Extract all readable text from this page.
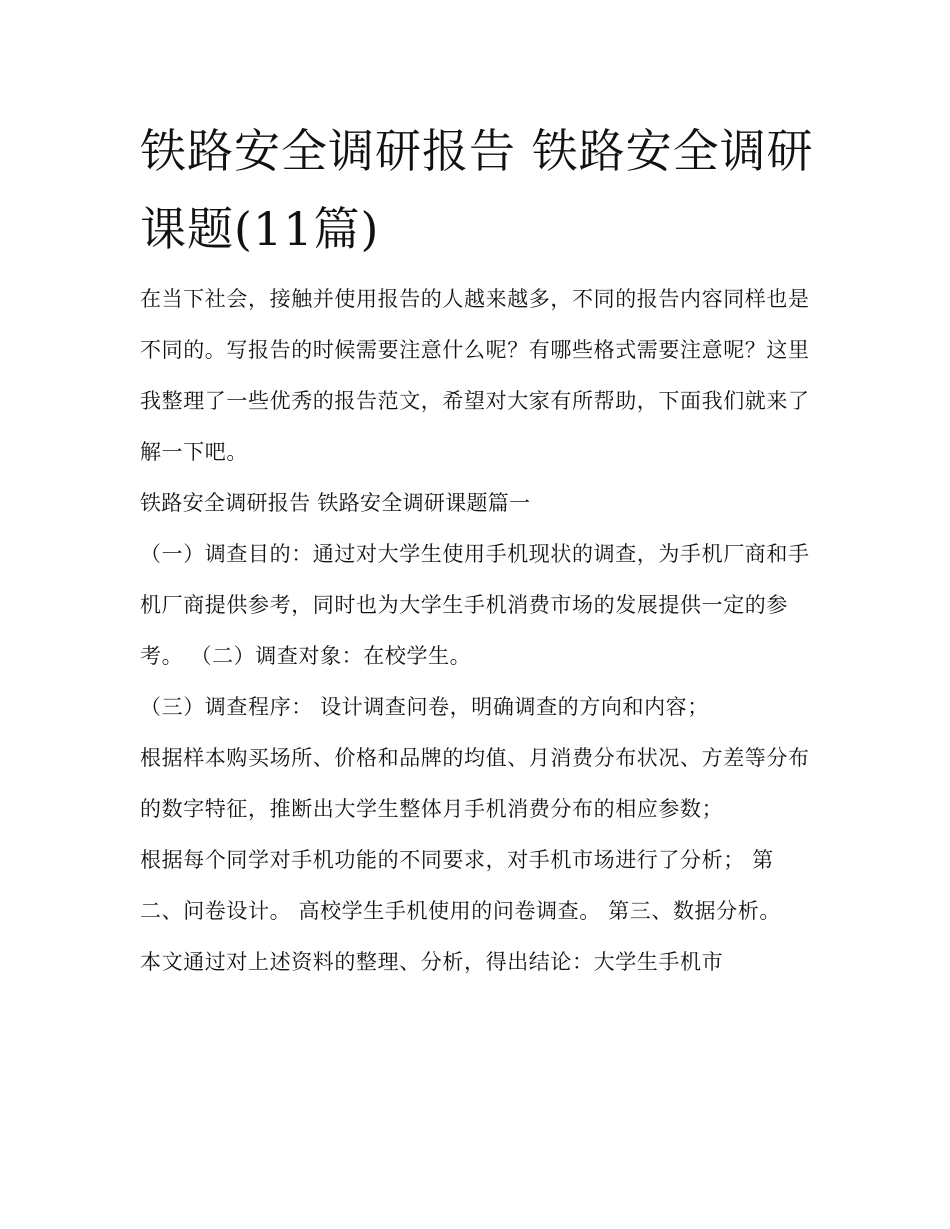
铁路安全调研报告 铁路安全调研课题(11篇)

在当下社会，接触并使用报告的人越来越多，不同的报告内容同样也是不同的。写报告的时候需要注意什么呢？有哪些格式需要注意呢？这里我整理了一些优秀的报告范文，希望对大家有所帮助，下面我们就来了解一下吧。

铁路安全调研报告 铁路安全调研课题篇一

（一）调查目的：通过对大学生使用手机现状的调查，为手机厂商和手机厂商提供参考，同时也为大学生手机消费市场的发展提供一定的参考。 （二）调查对象：在校学生。

（三）调查程序： 设计调查问卷，明确调查的方向和内容；

根据样本购买场所、价格和品牌的均值、月消费分布状况、方差等分布的数字特征，推断出大学生整体月手机消费分布的相应参数；

根据每个同学对手机功能的不同要求，对手机市场进行了分析； 第二、问卷设计。 高校学生手机使用的问卷调查。 第三、数据分析。

本文通过对上述资料的整理、分析，得出结论：大学生手机市
